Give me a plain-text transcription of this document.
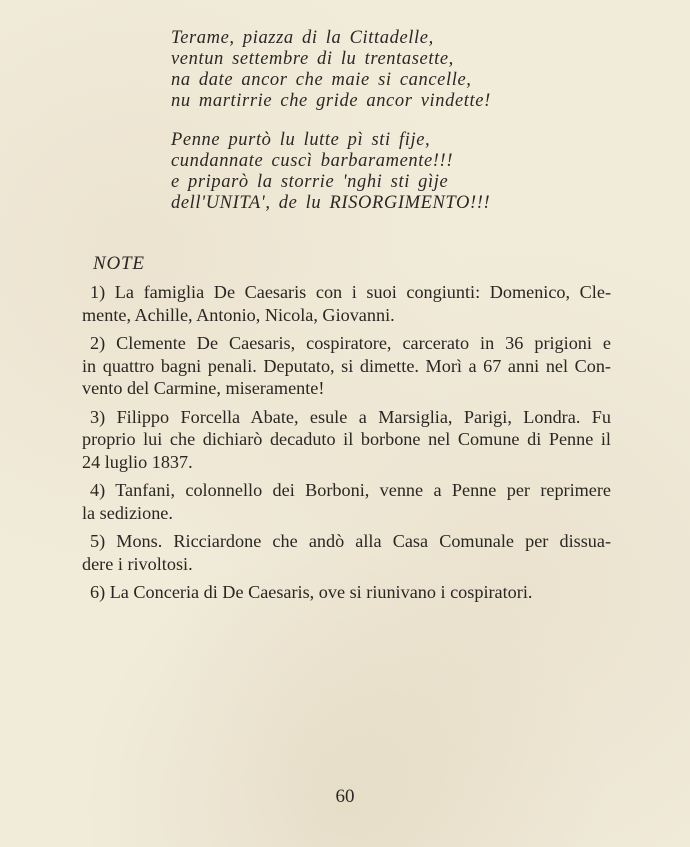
Terame, piazza di la Cittadelle,
ventun settembre di lu trentasette,
na date ancor che maie si cancelle,
nu martirrie che gride ancor vindette!
Penne purtò lu lutte pì sti fije,
cundannate cuscì barbaramente!!!
e priparò la storrie 'nghi sti gìje
dell'UNITA', de lu RISORGIMENTO!!!
NOTE
1) La famiglia De Caesaris con i suoi congiunti: Domenico, Cle-
mente, Achille, Antonio, Nicola, Giovanni.
2) Clemente De Caesaris, cospiratore, carcerato in 36 prigioni e
in quattro bagni penali. Deputato, si dimette. Morì a 67 anni nel Con-
vento del Carmine, miseramente!
3) Filippo Forcella Abate, esule a Marsiglia, Parigi, Londra. Fu
proprio lui che dichiarò decaduto il borbone nel Comune di Penne il
24 luglio 1837.
4) Tanfani, colonnello dei Borboni, venne a Penne per reprimere
la sedizione.
5) Mons. Ricciardone che andò alla Casa Comunale per dissua-
dere i rivoltosi.
6) La Conceria di De Caesaris, ove si riunivano i cospiratori.
60
